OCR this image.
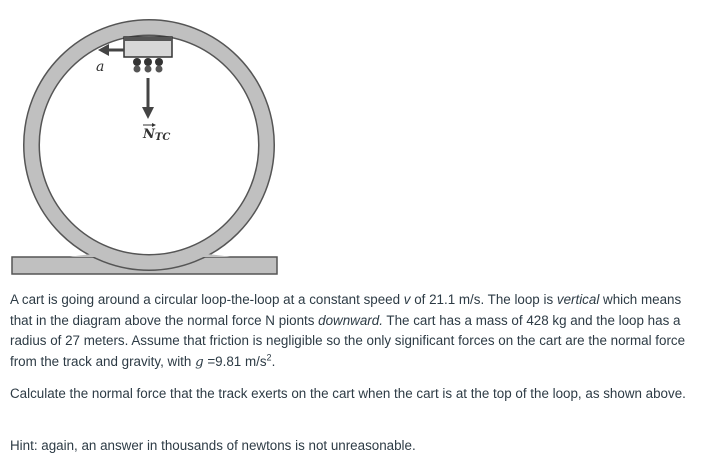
a
NTC

A cart is going around a circular loop-the-loop at a constant speed v of 21.1 m/s. The loop is vertical which means that in the diagram above the normal force N pionts downward. The cart has a mass of 428 kg and the loop has a radius of 27 meters. Assume that friction is negligible so the only significant forces on the cart are the normal force from the track and gravity, with g =9.81 $m/s^2$.

Calculate the normal force that the track exerts on the cart when the cart is at the top of the loop, as shown above.

Hint: again, an answer in thousands of newtons is not unreasonable.
